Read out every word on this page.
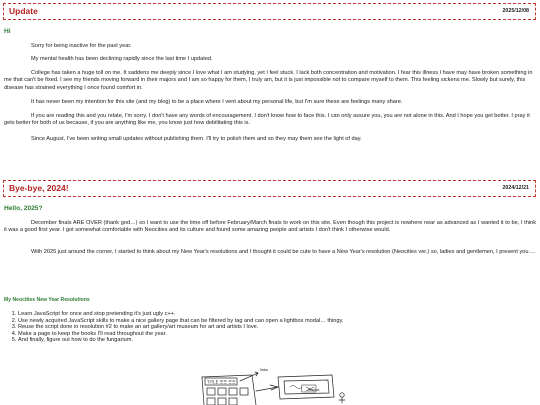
Update	2025/12/08
Hi

Sorry for being inactive for the past year.

My mental health has been declining rapidly since the last time I updated.

College has taken a huge toll on me. It saddens me deeply since I love what I am studying, yet I feel stuck. I lack both concentration and motivation. I fear this illness I have may have broken something in me that can't be fixed. I see my friends moving forward in their majors and I am so happy for them, I truly am, but it is just impossible not to compare myself to them. This feeling sickens me. Slowly but surely, this disease has strained everything I once found comfort in.

It has never been my intention for this site (and my blog) to be a place where I vent about my personal life, but I'm sure these are feelings many share.

If you are reading this and you relate, I'm sorry. I don't have any words of encouragement. I don't know how to face this. I can only assure you, you are not alone in this. And I hope you get better. I pray it gets better for both of us because, if you are anything like me, you know just how debilitating this is.

Since August, I've been writing small updates without publishing them. I'll try to polish them and so they may them see the light of day.

Bye-bye, 2024!	2024/12/21
Hello, 2025?

December finals ARE OVER (thank god…) so I want to use the time off before February/March finals to work on this site. Even though this project is nowhere near as advanced as I wanted it to be, I think it was a good first year. I got somewhat comfortable with Neocities and its culture and found some amazing people and artists I don't think I otherwise would.

With 2025 just around the corner, I started to think about my New Year's resolutions and I thought it could be cute to have a New Year's resolution (Neocities ver.) so, ladies and gentlemen, I present you….

My Neocities New Year Resolutions
1. Learn JavaScript for once and stop pretending it's just ugly c++.
2. Use newly acquired JavaScript skills to make a nice gallery page that can be filtered by tag and can open a lightbox modal… thingy.
3. Reuse the script done in resolution #2 to make an art gallery/art museum for art and artists I love.
4. Make a page to keep the books I'll read throughout the year.
5. And finally, figure out how to do the fungarium.
TITLE ☰☰ ☰☰
links
Sorbox
